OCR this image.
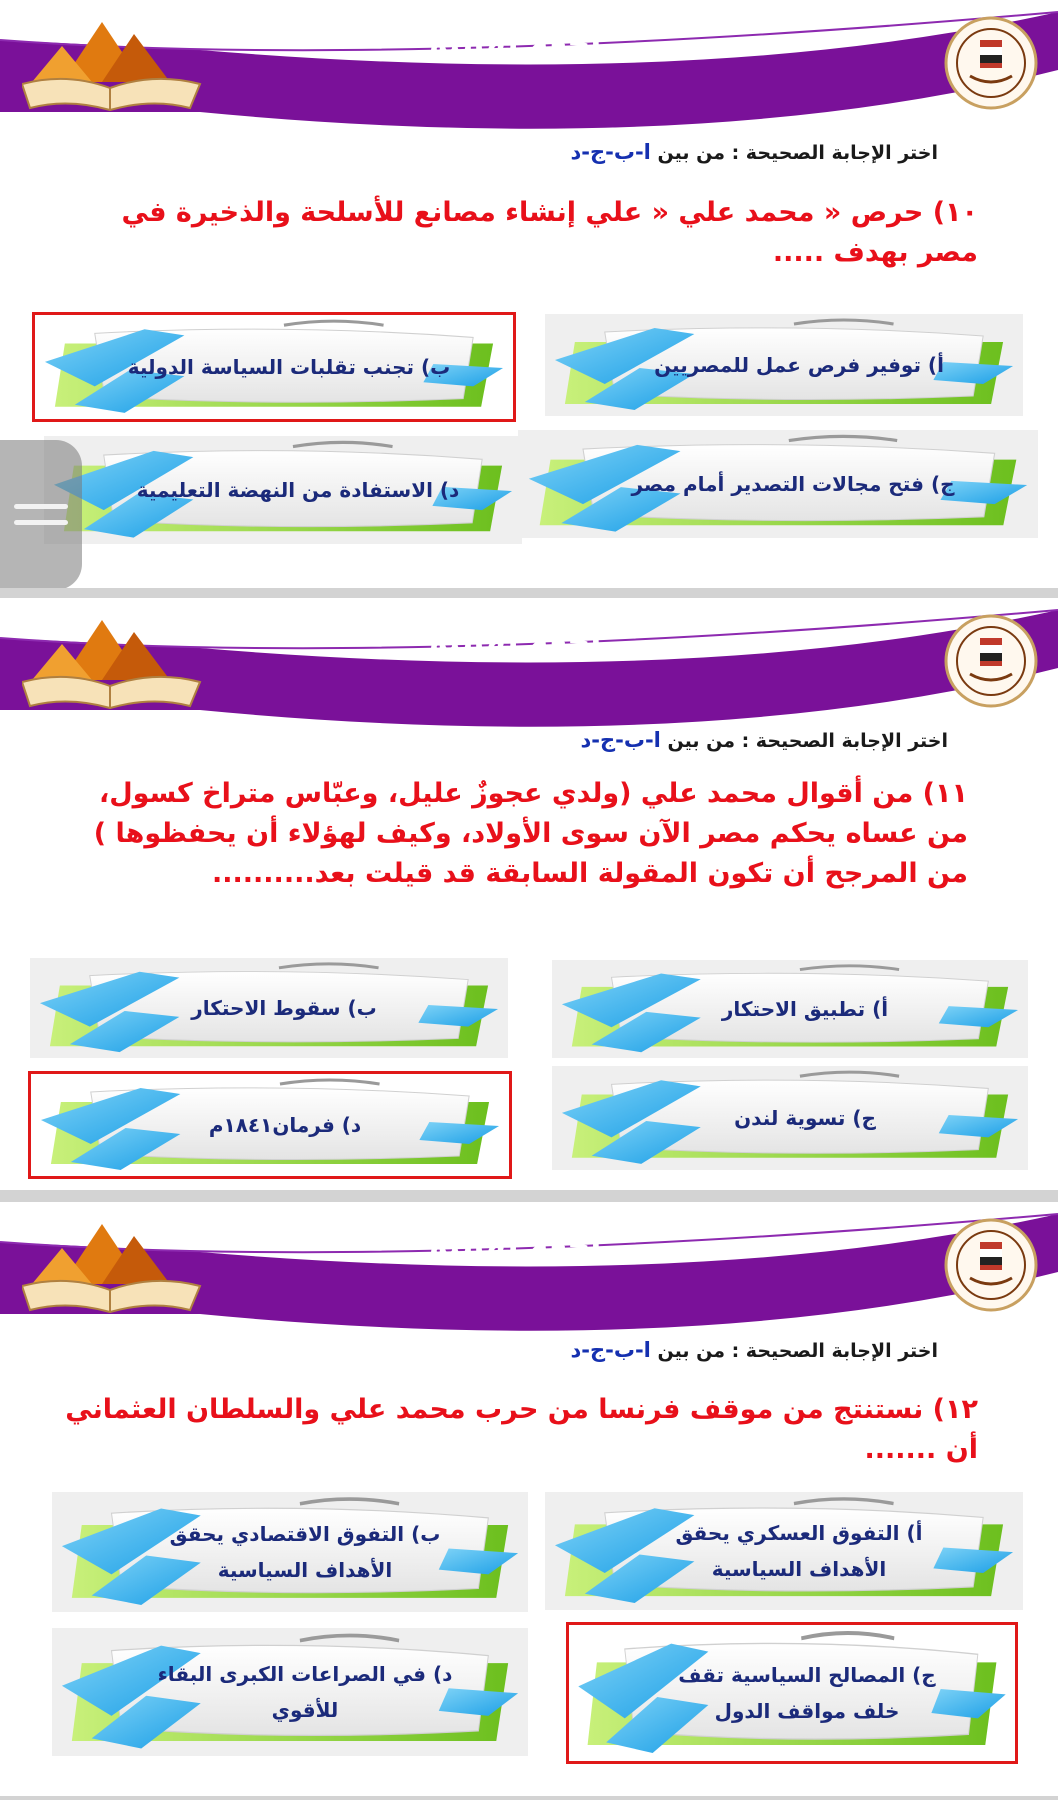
مراجعة نهائية
اختر الإجابة الصحيحة : من بين ا-ب-ج-د
١٠) حرص « محمد علي « علي إنشاء مصانع للأسلحة والذخيرة في مصر بهدف .....
أ) توفير فرص عمل للمصريين
ب) تجنب تقلبات السياسة الدولية
ج) فتح مجالات التصدير أمام مصر
د) الاستفادة من النهضة التعليمية
مراجعة نهائية
اختر الإجابة الصحيحة : من بين ا-ب-ج-د
١١) من أقوال محمد علي (ولدي عجوزٌ عليل، وعبّاس متراخ كسول، من عساه يحكم مصر الآن سوى الأولاد، وكيف لهؤلاء أن يحفظوها ) من المرجح أن تكون المقولة السابقة قد قيلت بعد..........
أ) تطبيق الاحتكار
ب) سقوط الاحتكار
ج) تسوية لندن
د) فرمان١٨٤١م
مراجعة نهائية
اختر الإجابة الصحيحة : من بين ا-ب-ج-د
١٢) نستنتج من موقف فرنسا من حرب محمد علي والسلطان العثماني أن .......
أ) التفوق العسكري يحقق الأهداف السياسية
ب) التفوق الاقتصادي يحقق الأهداف السياسية
ج) المصالح السياسية تقف خلف مواقف الدول
د) في الصراعات الكبرى البقاء للأقوي
